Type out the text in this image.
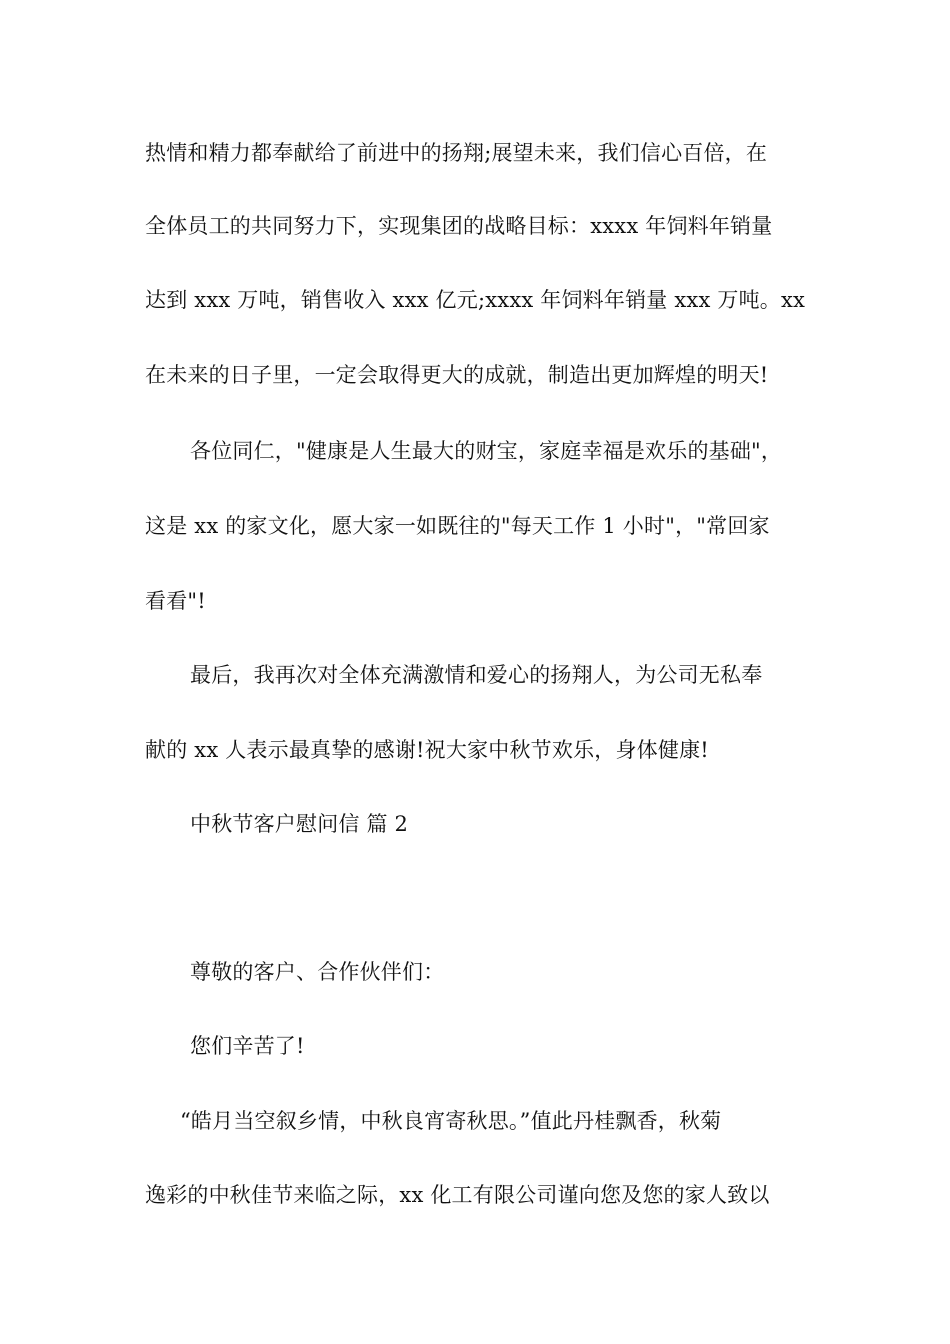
热情和精力都奉献给了前进中的扬翔;展望未来，我们信心百倍，在
全体员工的共同努力下，实现集团的战略目标：xxxx 年饲料年销量
达到 xxx 万吨，销售收入 xxx 亿元;xxxx 年饲料年销量 xxx 万吨。xx
在未来的日子里，一定会取得更大的成就，制造出更加辉煌的明天!
各位同仁，"健康是人生最大的财宝，家庭幸福是欢乐的基础"，
这是 xx 的家文化，愿大家一如既往的"每天工作 1 小时"，"常回家
看看"!
最后，我再次对全体充满激情和爱心的扬翔人，为公司无私奉
献的 xx 人表示最真挚的感谢!祝大家中秋节欢乐，身体健康!
中秋节客户慰问信 篇 2
尊敬的客户、合作伙伴们：
您们辛苦了!
“皓月当空叙乡情，中秋良宵寄秋思。”值此丹桂飘香，秋菊
逸彩的中秋佳节来临之际，xx 化工有限公司谨向您及您的家人致以
